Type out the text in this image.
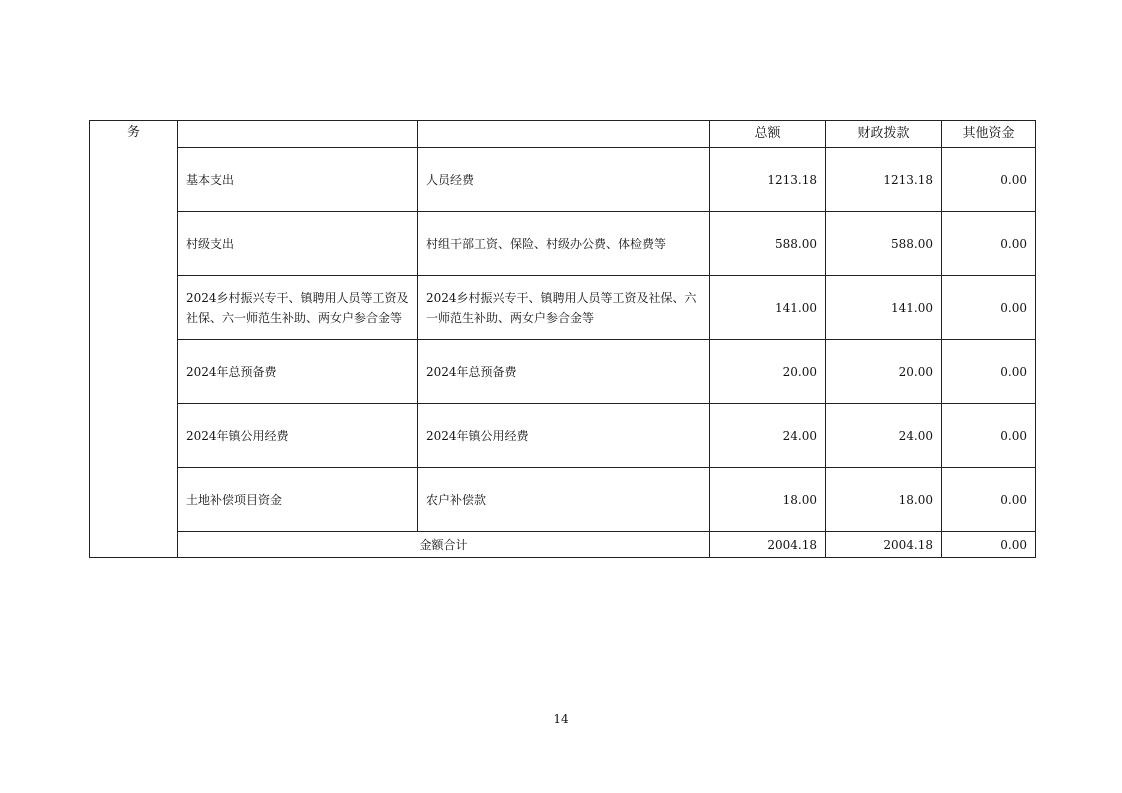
务			总额	财政拨款	其他资金
	基本支出	人员经费	1213.18	1213.18	0.00
	村级支出	村组干部工资、保险、村级办公费、体检费等	588.00	588.00	0.00
	2024乡村振兴专干、镇聘用人员等工资及社保、六一师范生补助、两女户参合金等	2024乡村振兴专干、镇聘用人员等工资及社保、六一师范生补助、两女户参合金等	141.00	141.00	0.00
	2024年总预备费	2024年总预备费	20.00	20.00	0.00
	2024年镇公用经费	2024年镇公用经费	24.00	24.00	0.00
	土地补偿项目资金	农户补偿款	18.00	18.00	0.00
	金额合计		2004.18	2004.18	0.00
14
